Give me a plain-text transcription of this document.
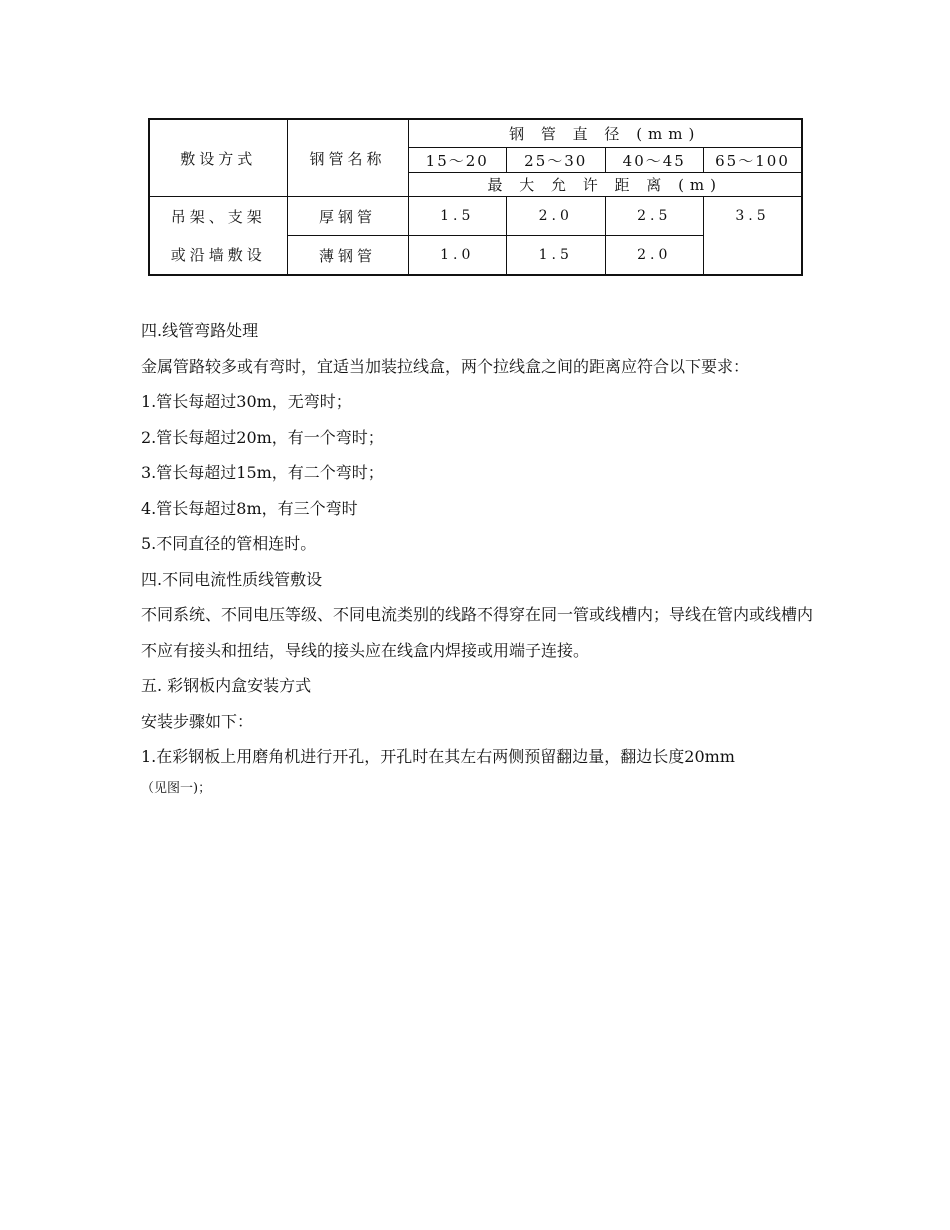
敷设方式	钢管名称	钢 管 直 径 (mm)			
		15～20	25～30	40～45	65～100
		最 大 允 许 距 离 (m)			
吊架、支架	厚钢管	1.5	2.0	2.5	3.5
或沿墙敷设	薄钢管	1.0	1.5	2.0	

四.线管弯路处理

金属管路较多或有弯时，宜适当加装拉线盒，两个拉线盒之间的距离应符合以下要求：

1.管长每超过30m，无弯时；

2.管长每超过20m，有一个弯时；

3.管长每超过15m，有二个弯时；

4.管长每超过8m，有三个弯时

5.不同直径的管相连时。

四.不同电流性质线管敷设

不同系统、不同电压等级、不同电流类别的线路不得穿在同一管或线槽内；导线在管内或线槽内不应有接头和扭结，导线的接头应在线盒内焊接或用端子连接。

五. 彩钢板内盒安装方式

安装步骤如下：

1.在彩钢板上用磨角机进行开孔，开孔时在其左右两侧预留翻边量，翻边长度20mm

（见图一)；
